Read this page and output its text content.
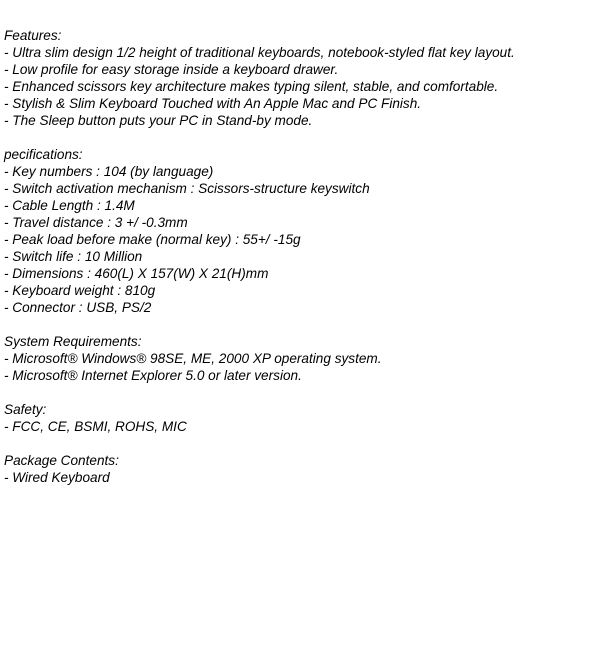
Features:
- Ultra slim design 1/2 height of traditional keyboards, notebook-styled flat key layout.
- Low profile for easy storage inside a keyboard drawer.
- Enhanced scissors key architecture makes typing silent, stable, and comfortable.
- Stylish & Slim Keyboard Touched with An Apple Mac and PC Finish.
- The Sleep button puts your PC in Stand-by mode.
pecifications:
- Key numbers : 104 (by language)
- Switch activation mechanism : Scissors-structure keyswitch
- Cable Length : 1.4M
- Travel distance : 3 +/ -0.3mm
- Peak load before make (normal key) : 55+/ -15g
- Switch life : 10 Million
- Dimensions : 460(L) X 157(W) X 21(H)mm
- Keyboard weight : 810g
- Connector : USB, PS/2
System Requirements:
- Microsoft® Windows® 98SE, ME, 2000 XP operating system.
- Microsoft® Internet Explorer 5.0 or later version.
Safety:
- FCC, CE, BSMI, ROHS, MIC
Package Contents:
- Wired Keyboard
